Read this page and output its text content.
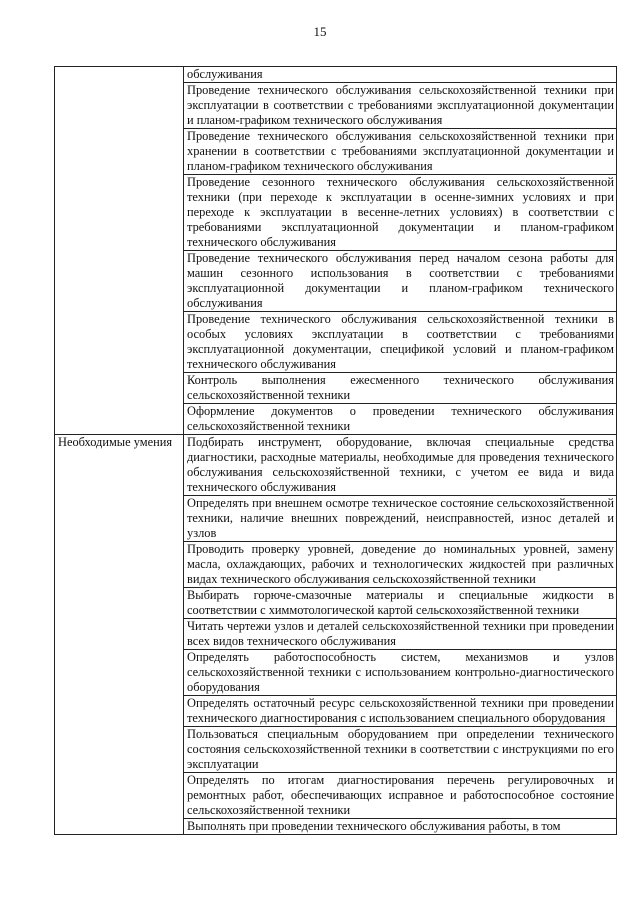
15
	обслуживания
	Проведение технического обслуживания сельскохозяйственной техники при эксплуатации в соответствии с требованиями эксплуатационной документации и планом-графиком технического обслуживания
	Проведение технического обслуживания сельскохозяйственной техники при хранении в соответствии с требованиями эксплуатационной документации и планом-графиком технического обслуживания
	Проведение сезонного технического обслуживания сельскохозяйственной техники (при переходе к эксплуатации в осенне-зимних условиях и при переходе к эксплуатации в весенне-летних условиях) в соответствии с требованиями эксплуатационной документации и планом-графиком технического обслуживания
	Проведение технического обслуживания перед началом сезона работы для машин сезонного использования в соответствии с требованиями эксплуатационной документации и планом-графиком технического обслуживания
	Проведение технического обслуживания сельскохозяйственной техники в особых условиях эксплуатации в соответствии с требованиями эксплуатационной документации, спецификой условий и планом-графиком технического обслуживания
	Контроль выполнения ежесменного технического обслуживания сельскохозяйственной техники
	Оформление документов о проведении технического обслуживания сельскохозяйственной техники
Необходимые умения	Подбирать инструмент, оборудование, включая специальные средства диагностики, расходные материалы, необходимые для проведения технического обслуживания сельскохозяйственной техники, с учетом ее вида и вида технического обслуживания
	Определять при внешнем осмотре техническое состояние сельскохозяйственной техники, наличие внешних повреждений, неисправностей, износ деталей и узлов
	Проводить проверку уровней, доведение до номинальных уровней, замену масла, охлаждающих, рабочих и технологических жидкостей при различных видах технического обслуживания сельскохозяйственной техники
	Выбирать горюче-смазочные материалы и специальные жидкости в соответствии с химмотологической картой сельскохозяйственной техники
	Читать чертежи узлов и деталей сельскохозяйственной техники при проведении всех видов технического обслуживания
	Определять работоспособность систем, механизмов и узлов сельскохозяйственной техники с использованием контрольно-диагностического оборудования
	Определять остаточный ресурс сельскохозяйственной техники при проведении технического диагностирования с использованием специального оборудования
	Пользоваться специальным оборудованием при определении технического состояния сельскохозяйственной техники в соответствии с инструкциями по его эксплуатации
	Определять по итогам диагностирования перечень регулировочных и ремонтных работ, обеспечивающих исправное и работоспособное состояние сельскохозяйственной техники
	Выполнять при проведении технического обслуживания работы, в том
